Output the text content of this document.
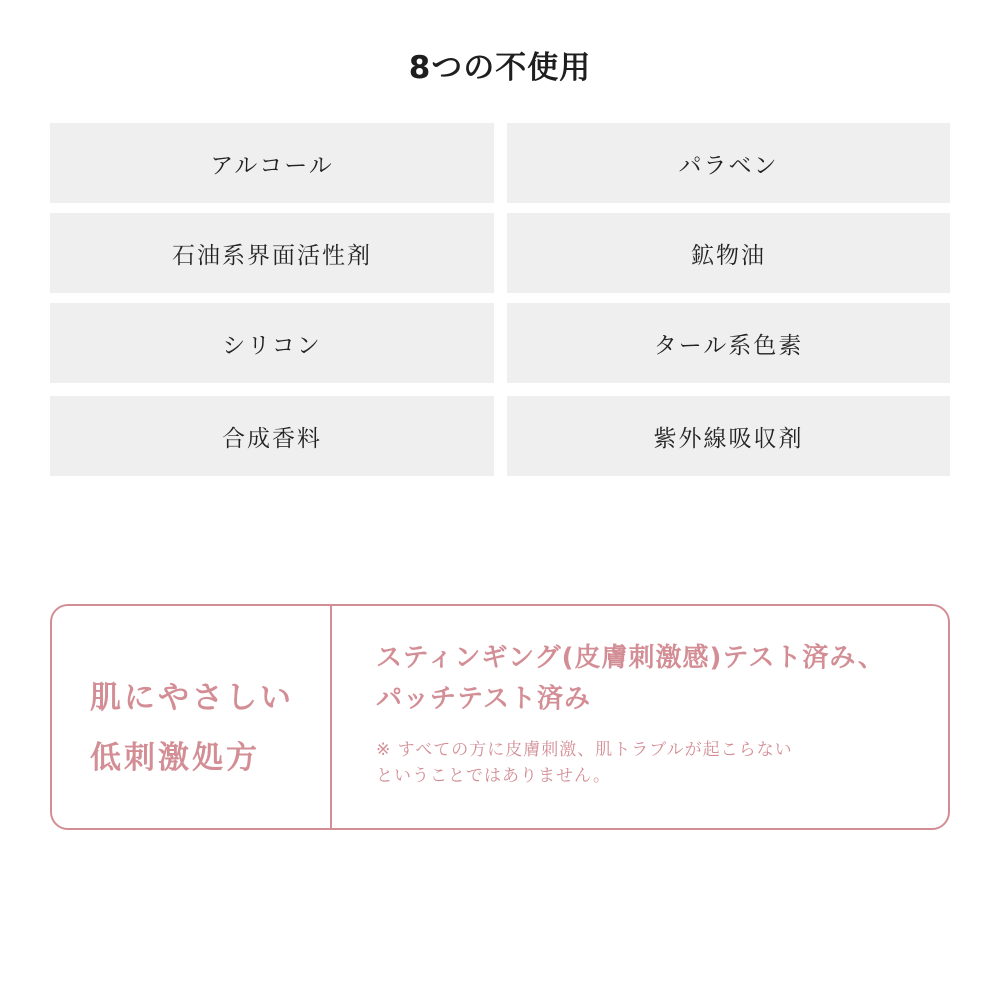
8つの不使用
アルコール	パラベン
石油系界面活性剤	鉱物油
シリコン	タール系色素
合成香料	紫外線吸収剤
肌にやさしい
低刺激処方
スティンギング(皮膚刺激感)テスト済み、
パッチテスト済み
※ すべての方に皮膚刺激、肌トラブルが起こらない
ということではありません。
